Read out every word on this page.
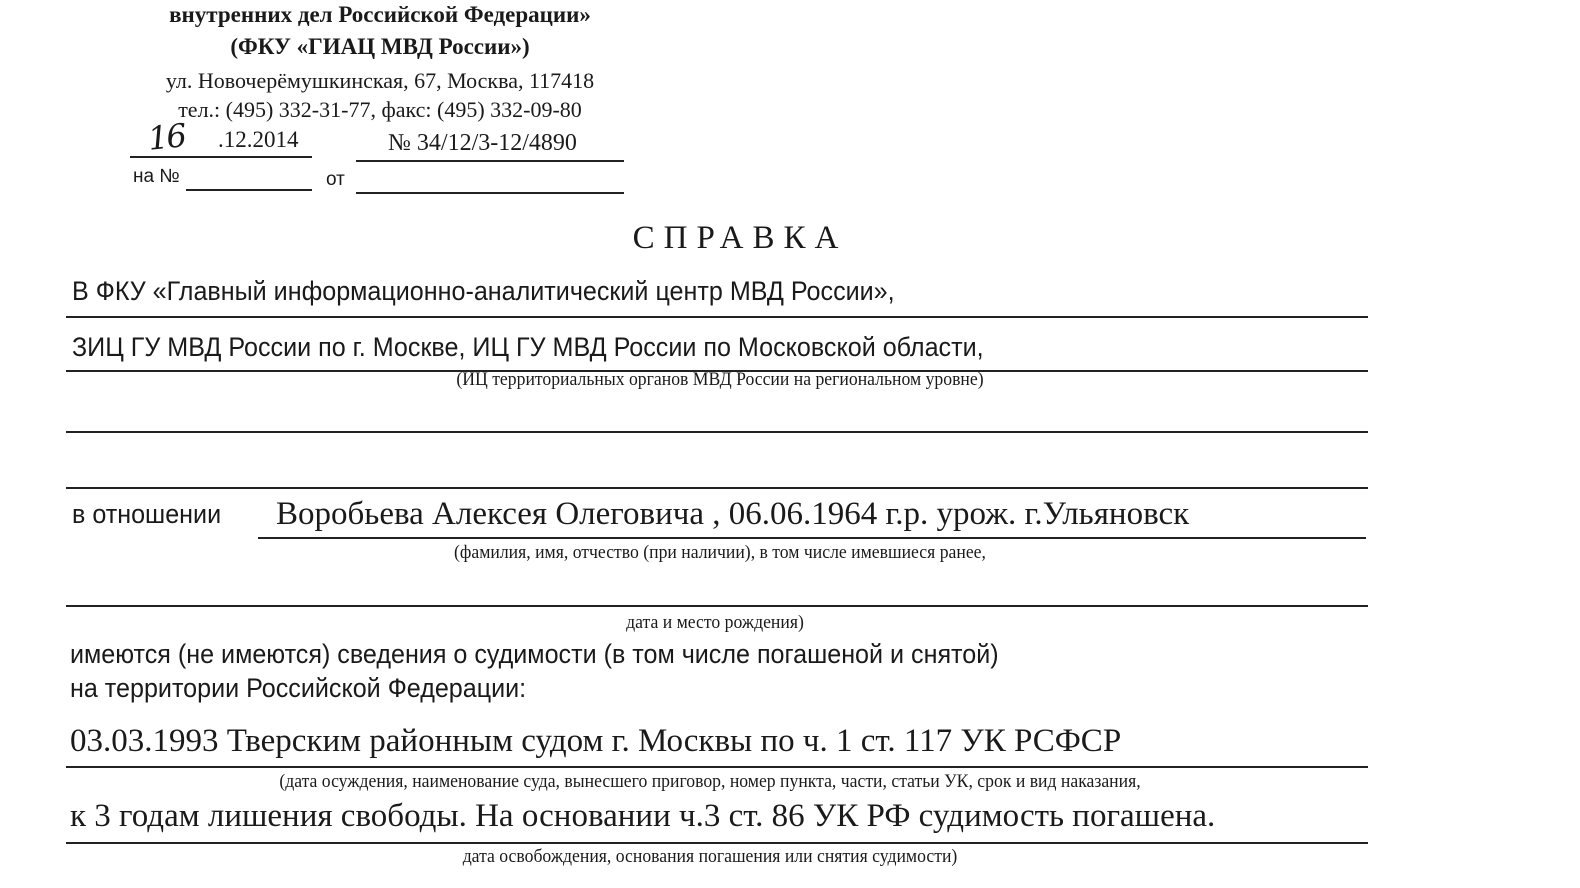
внутренних дел Российской Федерации»
(ФКУ «ГИАЦ МВД России»)
ул. Новочерёмушкинская, 67, Москва, 117418
тел.: (495) 332-31-77, факс: (495) 332-09-80
16 .12.2014	№ 34/12/3-12/4890
на №	от
СПРАВКА
В ФКУ «Главный информационно-аналитический центр МВД России»,
ЗИЦ ГУ МВД России по г. Москве, ИЦ ГУ МВД России по Московской области,
(ИЦ территориальных органов МВД России на региональном уровне)
в отношении Воробьева Алексея Олеговича , 06.06.1964 г.р. урож. г.Ульяновск
(фамилия, имя, отчество (при наличии), в том числе имевшиеся ранее,
дата и место рождения)
имеются (не имеются) сведения о судимости (в том числе погашеной и снятой)
на территории Российской Федерации:
03.03.1993 Тверским районным судом г. Москвы по ч. 1 ст. 117 УК РСФСР
(дата осуждения, наименование суда, вынесшего приговор, номер пункта, части, статьи УК, срок и вид наказания,
к 3 годам лишения свободы. На основании ч.3 ст. 86 УК РФ судимость погашена.
дата освобождения, основания погашения или снятия судимости)
